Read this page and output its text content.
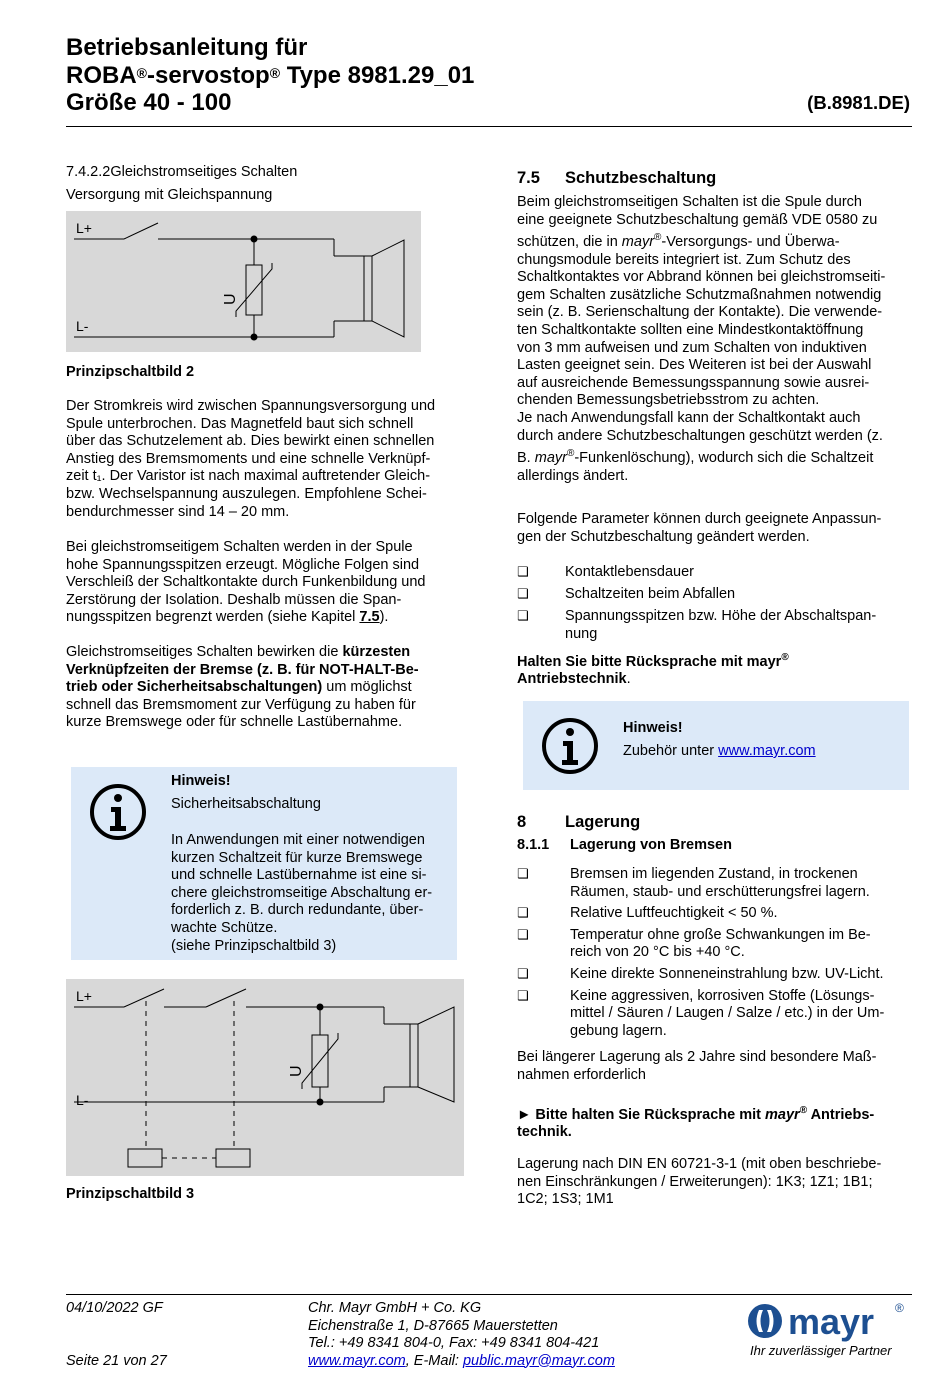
Betriebsanleitung für
ROBA®-servostop® Type 8981.29_01
Größe 40 - 100	(B.8981.DE)
7.4.2.2Gleichstromseitiges Schalten
Versorgung mit Gleichspannung
L+
L-
U
Prinzipschaltbild 2
Der Stromkreis wird zwischen Spannungsversorgung und
Spule unterbrochen. Das Magnetfeld baut sich schnell
über das Schutzelement ab. Dies bewirkt einen schnellen
Anstieg des Bremsmoments und eine schnelle Verknüpf-
zeit t₁. Der Varistor ist nach maximal auftretender Gleich-
bzw. Wechselspannung auszulegen. Empfohlene Schei-
bendurchmesser sind 14 – 20 mm.
Bei gleichstromseitigem Schalten werden in der Spule
hohe Spannungsspitzen erzeugt. Mögliche Folgen sind
Verschleiß der Schaltkontakte durch Funkenbildung und
Zerstörung der Isolation. Deshalb müssen die Span-
nungsspitzen begrenzt werden (siehe Kapitel 7.5).
Gleichstromseitiges Schalten bewirken die kürzesten
Verknüpfzeiten der Bremse (z. B. für NOT-HALT-Be-
trieb oder Sicherheitsabschaltungen) um möglichst
schnell das Bremsmoment zur Verfügung zu haben für
kurze Bremswege oder für schnelle Lastübernahme.
Hinweis!
Sicherheitsabschaltung
In Anwendungen mit einer notwendigen
kurzen Schaltzeit für kurze Bremswege
und schnelle Lastübernahme ist eine si-
chere gleichstromseitige Abschaltung er-
forderlich z. B. durch redundante, über-
wachte Schütze.
(siehe Prinzipschaltbild 3)
L+
L-
U
Prinzipschaltbild 3
7.5 Schutzbeschaltung
Beim gleichstromseitigen Schalten ist die Spule durch
eine geeignete Schutzbeschaltung gemäß VDE 0580 zu
schützen, die in mayr®-Versorgungs- und Überwa-
chungsmodule bereits integriert ist. Zum Schutz des
Schaltkontaktes vor Abbrand können bei gleichstromseiti-
gem Schalten zusätzliche Schutzmaßnahmen notwendig
sein (z. B. Serienschaltung der Kontakte). Die verwende-
ten Schaltkontakte sollten eine Mindestkontaktöffnung
von 3 mm aufweisen und zum Schalten von induktiven
Lasten geeignet sein. Des Weiteren ist bei der Auswahl
auf ausreichende Bemessungsspannung sowie ausrei-
chenden Bemessungsbetriebsstrom zu achten.
Je nach Anwendungsfall kann der Schaltkontakt auch
durch andere Schutzbeschaltungen geschützt werden (z.
B. mayr®-Funkenlöschung), wodurch sich die Schaltzeit
allerdings ändert.
Folgende Parameter können durch geeignete Anpassun-
gen der Schutzbeschaltung geändert werden.
❑	Kontaktlebensdauer
❑	Schaltzeiten beim Abfallen
❑	Spannungsspitzen bzw. Höhe der Abschaltspan-
nung
Halten Sie bitte Rücksprache mit mayr®
Antriebstechnik.
Hinweis!
Zubehör unter www.mayr.com
8 Lagerung
8.1.1 Lagerung von Bremsen
❑	Bremsen im liegenden Zustand, in trockenen
Räumen, staub- und erschütterungsfrei lagern.
❑	Relative Luftfeuchtigkeit < 50 %.
❑	Temperatur ohne große Schwankungen im Be-
reich von 20 °C bis +40 °C.
❑	Keine direkte Sonneneinstrahlung bzw. UV-Licht.
❑	Keine aggressiven, korrosiven Stoffe (Lösungs-
mittel / Säuren / Laugen / Salze / etc.) in der Um-
gebung lagern.
Bei längerer Lagerung als 2 Jahre sind besondere Maß-
nahmen erforderlich
► Bitte halten Sie Rücksprache mit mayr® Antriebs-
technik.
Lagerung nach DIN EN 60721-3-1 (mit oben beschriebe-
nen Einschränkungen / Erweiterungen): 1K3; 1Z1; 1B1;
1C2; 1S3; 1M1
04/10/2022 GF
Seite 21 von 27
Chr. Mayr GmbH + Co. KG
Eichenstraße 1, D-87665 Mauerstetten
Tel.: +49 8341 804-0, Fax: +49 8341 804-421
www.mayr.com, E-Mail: public.mayr@mayr.com
mayr ®
Ihr zuverlässiger Partner
